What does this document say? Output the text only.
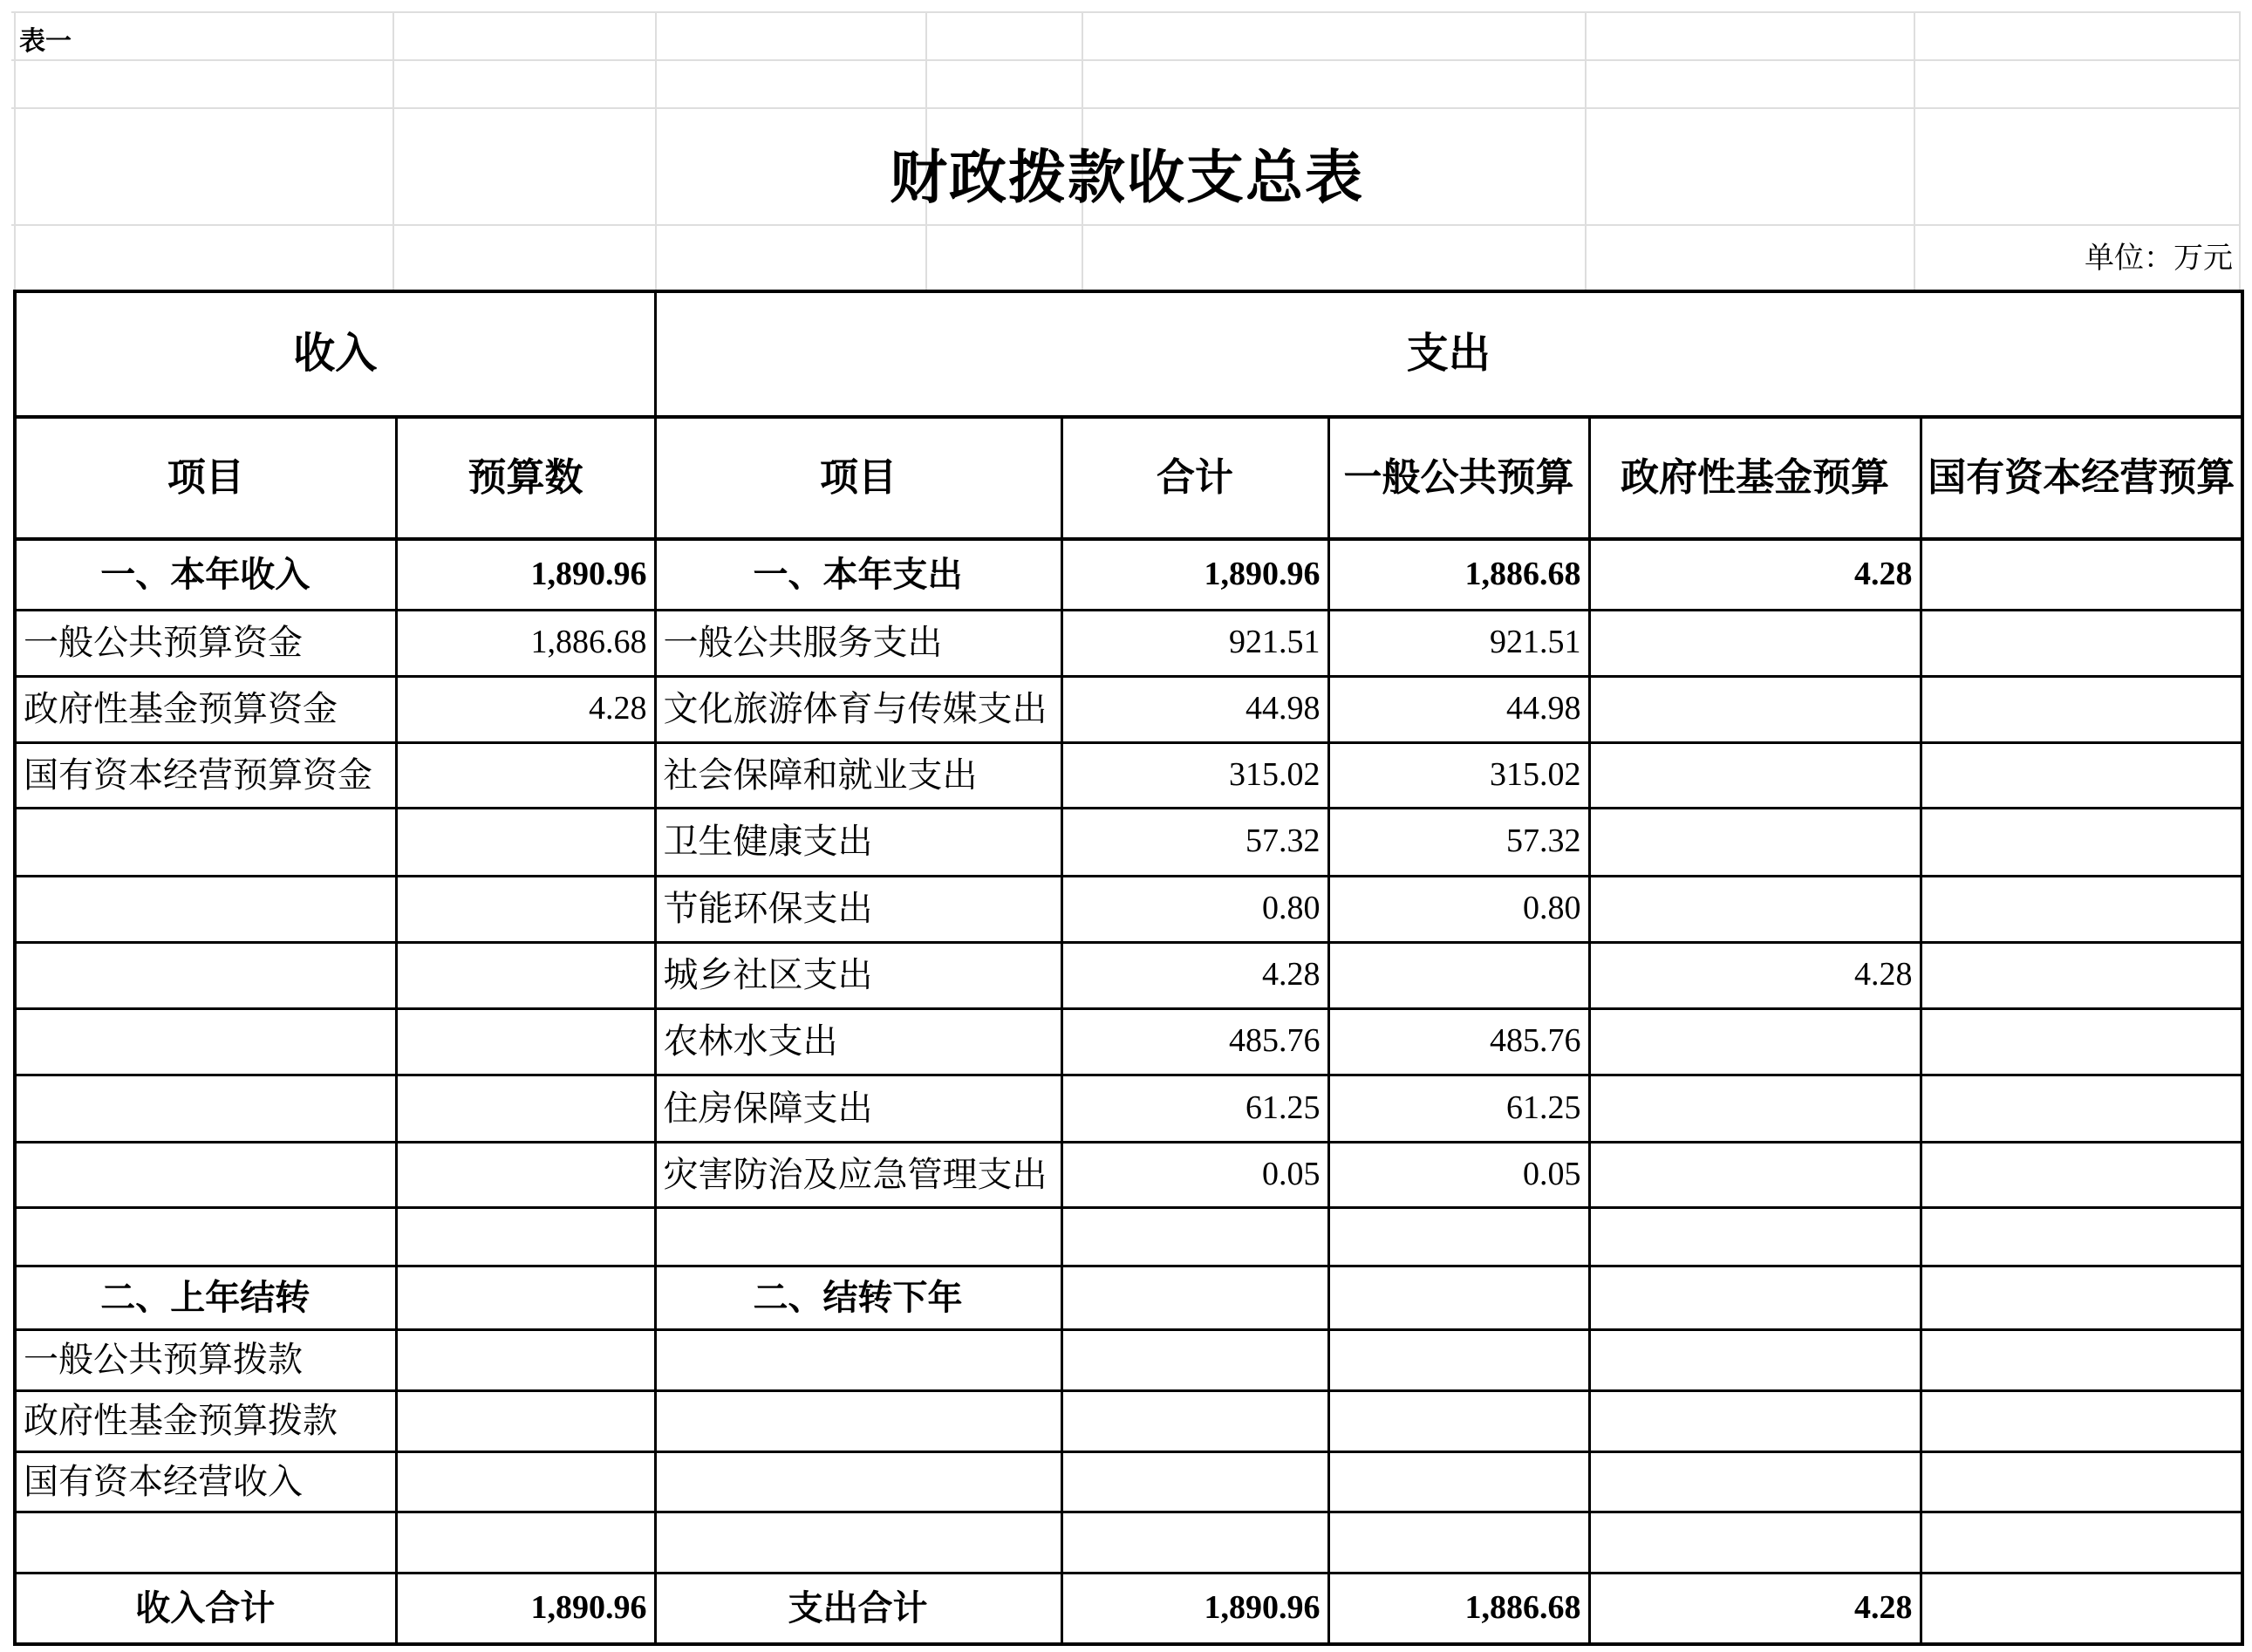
表一
财政拨款收支总表
单位：万元
收入		支出				
项目	预算数	项目	合计	一般公共预算	政府性基金预算	国有资本经营预算
一、本年收入	1,890.96	一、本年支出	1,890.96	1,886.68	4.28	
一般公共预算资金	1,886.68	一般公共服务支出	921.51	921.51		
政府性基金预算资金	4.28	文化旅游体育与传媒支出	44.98	44.98		
国有资本经营预算资金		社会保障和就业支出	315.02	315.02		
		卫生健康支出	57.32	57.32		
		节能环保支出	0.80	0.80		
		城乡社区支出	4.28		4.28	
		农林水支出	485.76	485.76		
		住房保障支出	61.25	61.25		
		灾害防治及应急管理支出	0.05	0.05		

二、上年结转		二、结转下年				
一般公共预算拨款						
政府性基金预算拨款						
国有资本经营收入						

收入合计	1,890.96	支出合计	1,890.96	1,886.68	4.28	
